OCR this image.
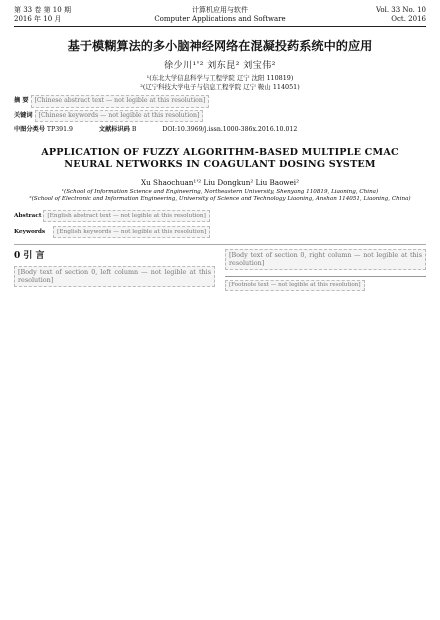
第 33 卷 第 10 期
2016 年 10 月
计算机应用与软件
Computer Applications and Software
Vol. 33 No. 10
Oct. 2016
基于模糊算法的多小脑神经网络在混凝投药系统中的应用
徐少川¹'² 刘东昆² 刘宝伟²
¹(东北大学信息科学与工程学院 辽宁 沈阳 110819)
²(辽宁科技大学电子与信息工程学院 辽宁 鞍山 114051)
摘 要 [Chinese abstract text — not legible at this resolution]
关键词 [Chinese keywords — not legible at this resolution]
中图分类号 TP391.9	文献标识码 B	DOI:10.3969/j.issn.1000-386x.2016.10.012
APPLICATION OF FUZZY ALGORITHM-BASED MULTIPLE CMAC
NEURAL NETWORKS IN COAGULANT DOSING SYSTEM
Xu Shaochuan¹'² Liu Dongkun² Liu Baowei²
¹(School of Information Science and Engineering, Northeastern University, Shenyang 110819, Liaoning, China)
²(School of Electronic and Information Engineering, University of Science and Technology Liaoning, Anshan 114051, Liaoning, China)
Abstract [English abstract text — not legible at this resolution]
Keywords [English keywords — not legible at this resolution]
0 引 言
[Body text of section 0, left column — not legible at this resolution]
[Body text of section 0, right column — not legible at this resolution]
[Footnote text — not legible at this resolution]
